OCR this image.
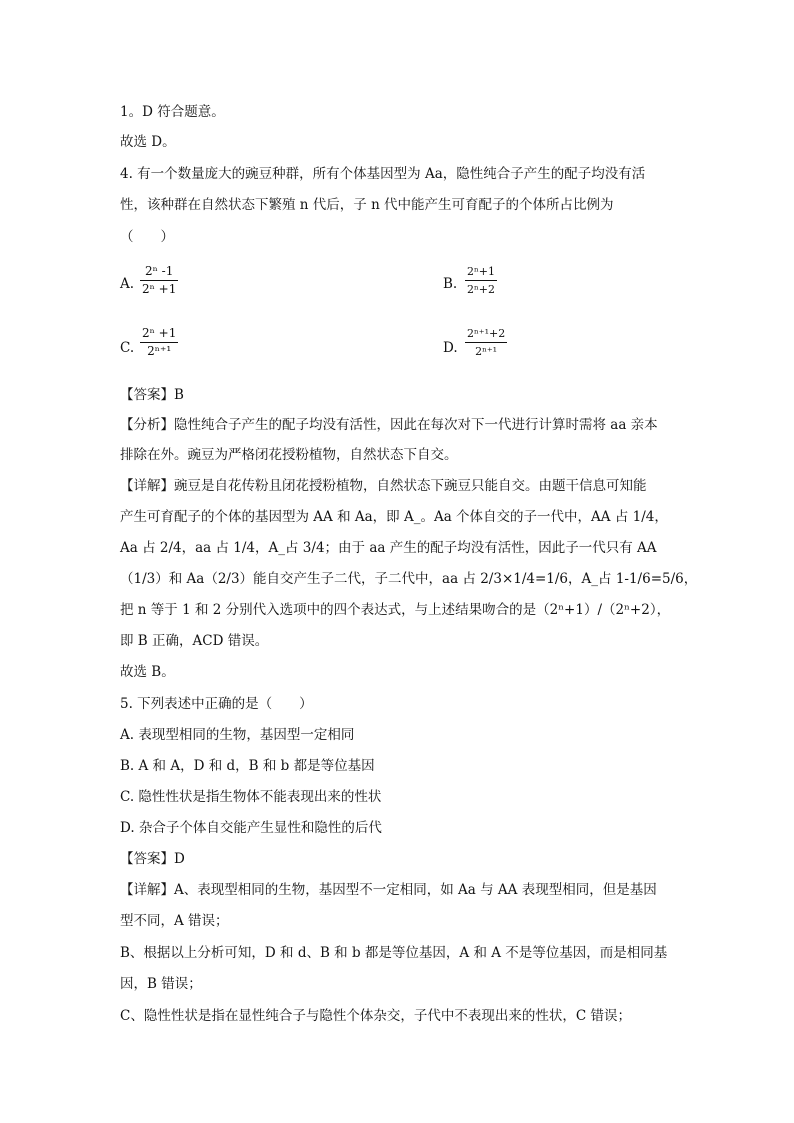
1。D 符合题意。
故选 D。
4. 有一个数量庞大的豌豆种群，所有个体基因型为 Aa，隐性纯合子产生的配子均没有活
性，该种群在自然状态下繁殖 n 代后，子 n 代中能产生可育配子的个体所占比例为
（　　）
A.
2ⁿ -1
2ⁿ +1	B.
2ⁿ+1
2ⁿ+2
C.
2ⁿ +1
2ⁿ⁺¹	D.
2ⁿ⁺¹+2
2ⁿ⁺¹
【答案】B
【分析】隐性纯合子产生的配子均没有活性，因此在每次对下一代进行计算时需将 aa 亲本
排除在外。豌豆为严格闭花授粉植物，自然状态下自交。
【详解】豌豆是自花传粉且闭花授粉植物，自然状态下豌豆只能自交。由题干信息可知能
产生可育配子的个体的基因型为 AA 和 Aa，即 A_。Aa 个体自交的子一代中，AA 占 1/4，
Aa 占 2/4，aa 占 1/4，A_占 3/4；由于 aa 产生的配子均没有活性，因此子一代只有 AA
（1/3）和 Aa（2/3）能自交产生子二代，子二代中，aa 占 2/3×1/4=1/6，A_占 1-1/6=5/6，
把 n 等于 1 和 2 分别代入选项中的四个表达式，与上述结果吻合的是（2ⁿ+1）/（2ⁿ+2），
即 B 正确，ACD 错误。
故选 B。
5. 下列表述中正确的是（　　）
A. 表现型相同的生物，基因型一定相同
B. A 和 A，D 和 d，B 和 b 都是等位基因
C. 隐性性状是指生物体不能表现出来的性状
D. 杂合子个体自交能产生显性和隐性的后代
【答案】D
【详解】A、表现型相同的生物，基因型不一定相同，如 Aa 与 AA 表现型相同，但是基因
型不同，A 错误；
B、根据以上分析可知，D 和 d、B 和 b 都是等位基因，A 和 A 不是等位基因，而是相同基
因，B 错误；
C、隐性性状是指在显性纯合子与隐性个体杂交，子代中不表现出来的性状，C 错误；
